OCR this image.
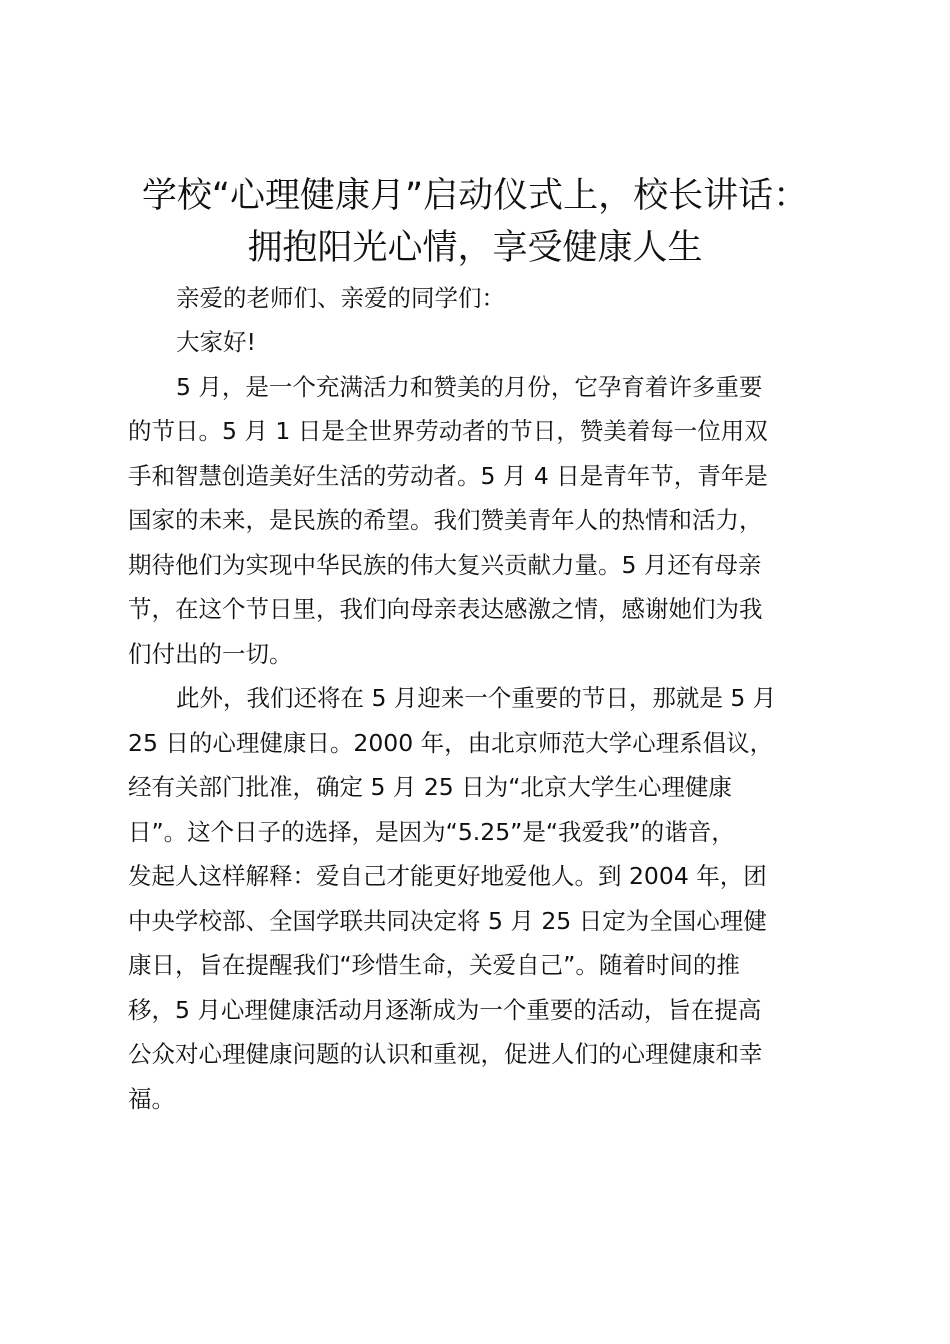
学校“心理健康月”启动仪式上，校长讲话：
拥抱阳光心情，享受健康人生

亲爱的老师们、亲爱的同学们：

大家好!

5 月，是一个充满活力和赞美的月份，它孕育着许多重要

的节日。5 月 1 日是全世界劳动者的节日，赞美着每一位用双

手和智慧创造美好生活的劳动者。5 月 4 日是青年节，青年是

国家的未来，是民族的希望。我们赞美青年人的热情和活力，

期待他们为实现中华民族的伟大复兴贡献力量。5 月还有母亲

节，在这个节日里，我们向母亲表达感激之情，感谢她们为我

们付出的一切。

此外，我们还将在 5 月迎来一个重要的节日，那就是 5 月

25 日的心理健康日。2000 年，由北京师范大学心理系倡议，

经有关部门批准，确定 5 月 25 日为“北京大学生心理健康

日”。这个日子的选择，是因为“5.25”是“我爱我”的谐音，

发起人这样解释：爱自己才能更好地爱他人。到 2004 年，团

中央学校部、全国学联共同决定将 5 月 25 日定为全国心理健

康日，旨在提醒我们“珍惜生命，关爱自己”。随着时间的推

移，5 月心理健康活动月逐渐成为一个重要的活动，旨在提高

公众对心理健康问题的认识和重视，促进人们的心理健康和幸

福。
